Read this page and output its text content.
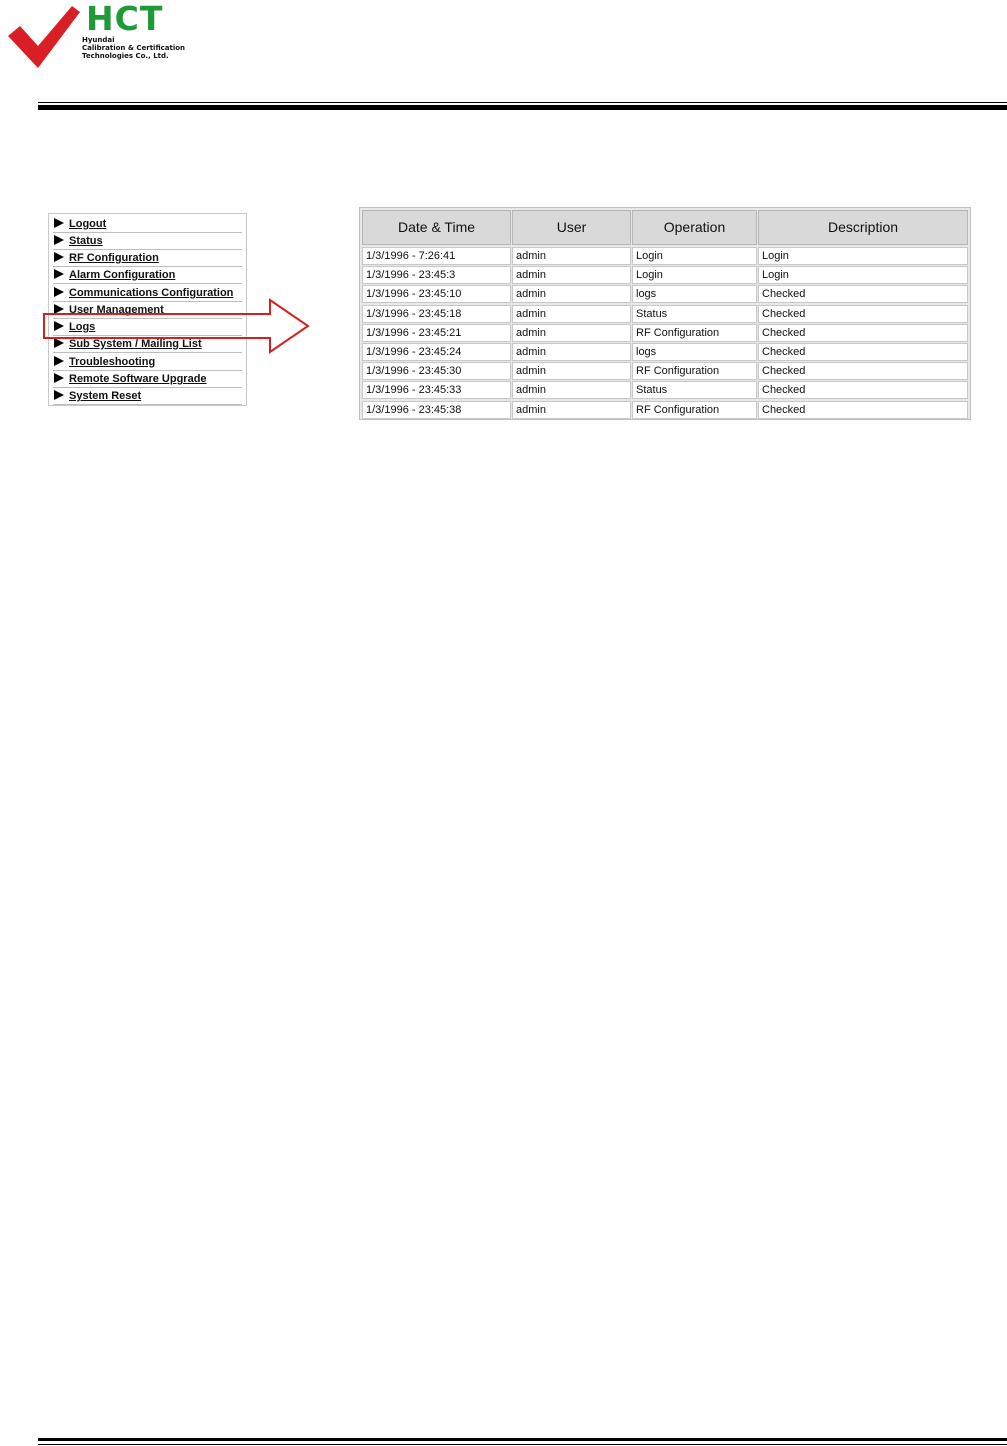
HCT
Hyundai
Calibration & Certification
Technologies Co., Ltd.
Logout
Status
RF Configuration
Alarm Configuration
Communications Configuration
User Management
Logs
Sub System / Mailing List
Troubleshooting
Remote Software Upgrade
System Reset
Date & Time	User	Operation	Description
1/3/1996 - 7:26:41	admin	Login	Login
1/3/1996 - 23:45:3	admin	Login	Login
1/3/1996 - 23:45:10	admin	logs	Checked
1/3/1996 - 23:45:18	admin	Status	Checked
1/3/1996 - 23:45:21	admin	RF Configuration	Checked
1/3/1996 - 23:45:24	admin	logs	Checked
1/3/1996 - 23:45:30	admin	RF Configuration	Checked
1/3/1996 - 23:45:33	admin	Status	Checked
1/3/1996 - 23:45:38	admin	RF Configuration	Checked
